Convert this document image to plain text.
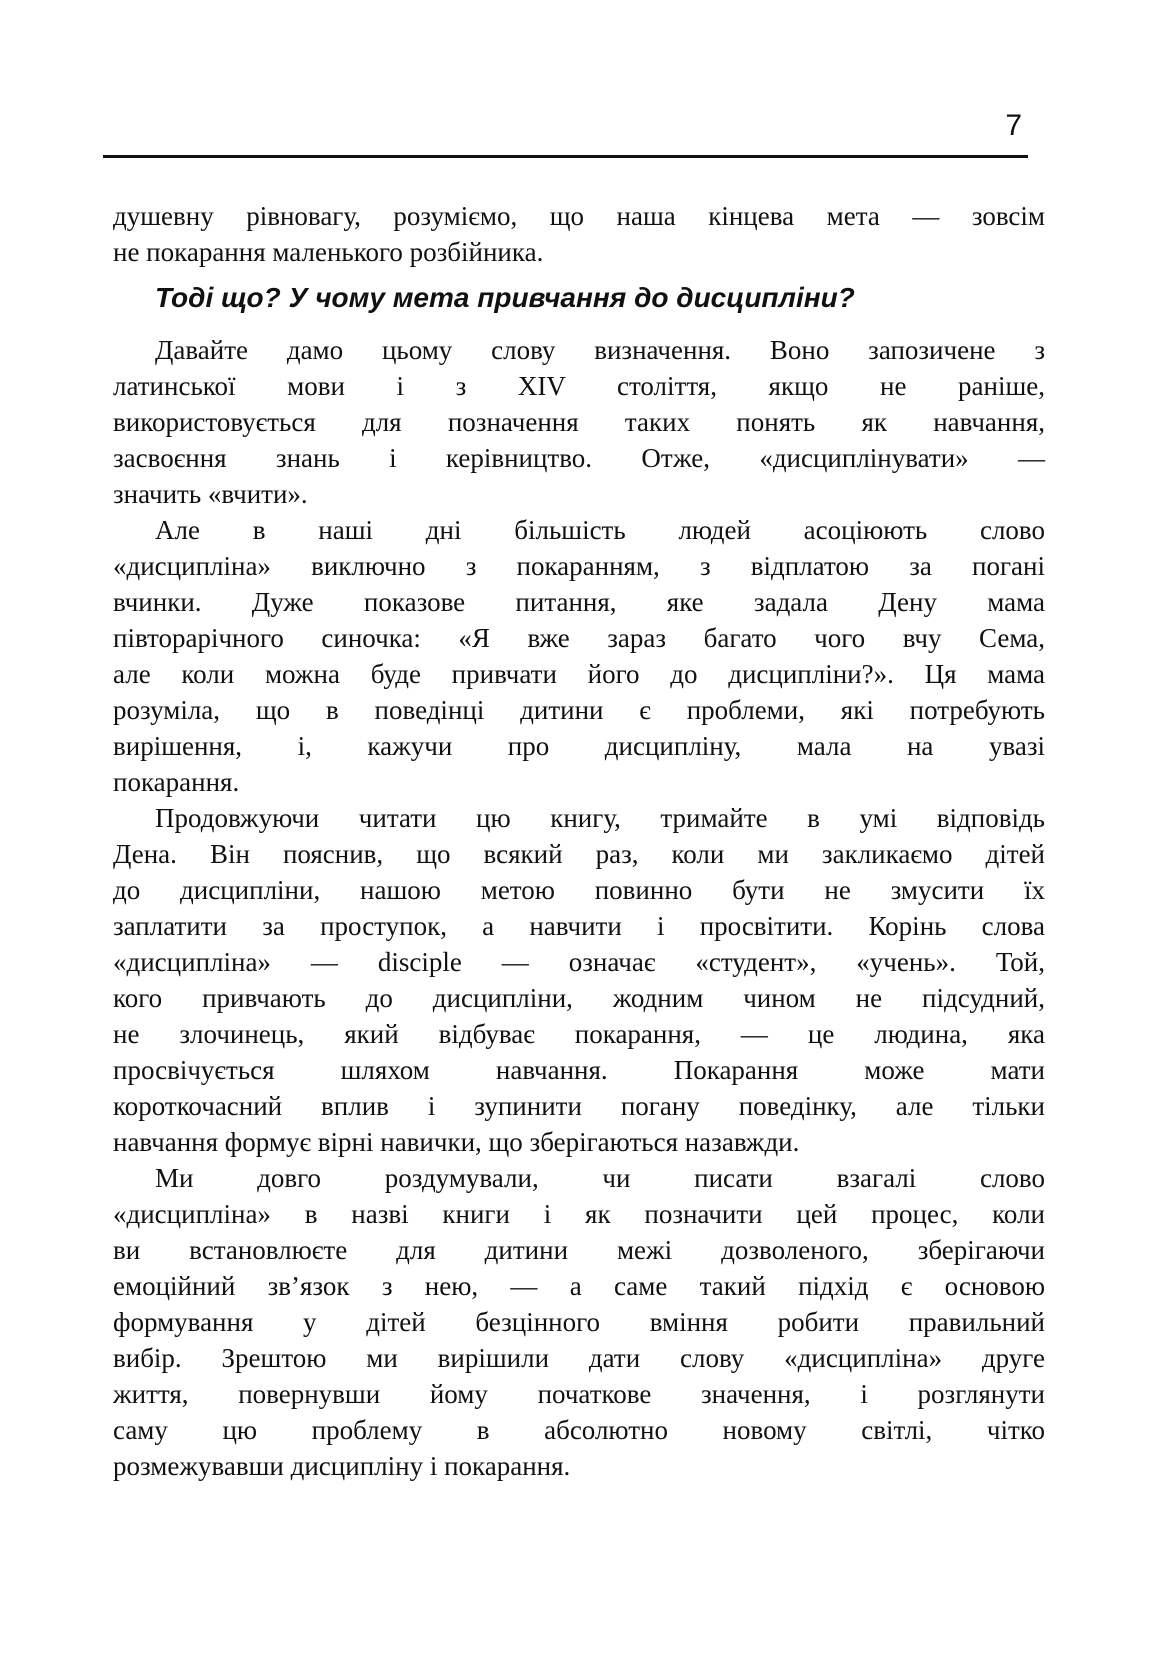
7

душевну рівновагу, розуміємо, що наша кінцева мета — зовсім
не покарання маленького розбійника.

Тоді що? У чому мета привчання до дисципліни?

Давайте дамо цьому слову визначення. Воно запозичене з
латинської мови і з XIV століття, якщо не раніше,
використовується для позначення таких понять як навчання,
засвоєння знань і керівництво. Отже, «дисциплінувати» —
значить «вчити».

Але в наші дні більшість людей асоціюють слово
«дисципліна» виключно з покаранням, з відплатою за погані
вчинки. Дуже показове питання, яке задала Дену мама
півторарічного синочка: «Я вже зараз багато чого вчу Сема,
але коли можна буде привчати його до дисципліни?». Ця мама
розуміла, що в поведінці дитини є проблеми, які потребують
вирішення, і, кажучи про дисципліну, мала на увазі
покарання.

Продовжуючи читати цю книгу, тримайте в умі відповідь
Дена. Він пояснив, що всякий раз, коли ми закликаємо дітей
до дисципліни, нашою метою повинно бути не змусити їх
заплатити за проступок, а навчити і просвітити. Корінь слова
«дисципліна» — disciple — означає «студент», «учень». Той,
кого привчають до дисципліни, жодним чином не підсудний,
не злочинець, який відбуває покарання, — це людина, яка
просвічується шляхом навчання. Покарання може мати
короткочасний вплив і зупинити погану поведінку, але тільки
навчання формує вірні навички, що зберігаються назавжди.

Ми довго роздумували, чи писати взагалі слово
«дисципліна» в назві книги і як позначити цей процес, коли
ви встановлюєте для дитини межі дозволеного, зберігаючи
емоційний зв’язок з нею, — а саме такий підхід є основою
формування у дітей безцінного вміння робити правильний
вибір. Зрештою ми вирішили дати слову «дисципліна» друге
життя, повернувши йому початкове значення, і розглянути
саму цю проблему в абсолютно новому світлі, чітко
розмежувавши дисципліну і покарання.
